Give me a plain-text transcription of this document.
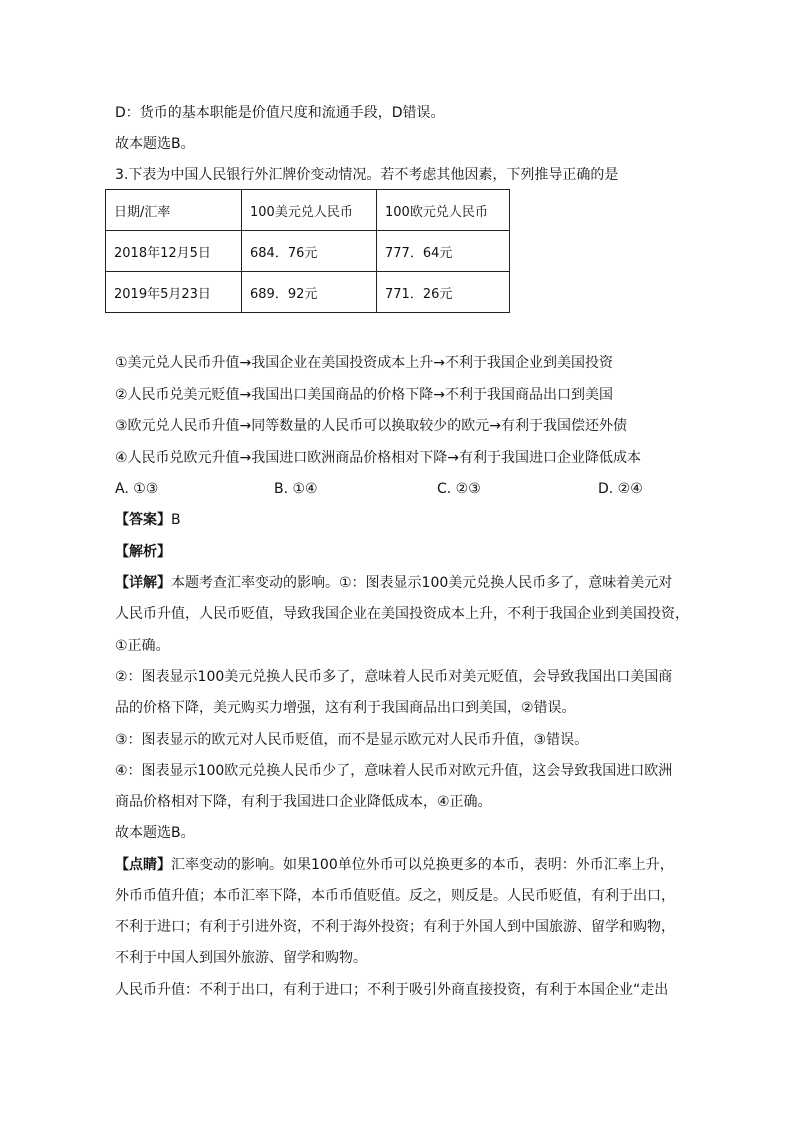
D：货币的基本职能是价值尺度和流通手段，D错误。
故本题选B。
3.下表为中国人民银行外汇牌价变动情况。若不考虑其他因素，下列推导正确的是
日期/汇率	100美元兑人民币	100欧元兑人民币
2018年12月5日	684．76元	777．64元
2019年5月23日	689．92元	771．26元
①美元兑人民币升值→我国企业在美国投资成本上升→不利于我国企业到美国投资
②人民币兑美元贬值→我国出口美国商品的价格下降→不利于我国商品出口到美国
③欧元兑人民币升值→同等数量的人民币可以换取较少的欧元→有利于我国偿还外债
④人民币兑欧元升值→我国进口欧洲商品价格相对下降→有利于我国进口企业降低成本
A. ①③	B. ①④	C. ②③	D. ②④
【答案】B
【解析】
【详解】本题考查汇率变动的影响。①：图表显示100美元兑换人民币多了，意味着美元对
人民币升值，人民币贬值，导致我国企业在美国投资成本上升，不利于我国企业到美国投资，
①正确。
②：图表显示100美元兑换人民币多了，意味着人民币对美元贬值，会导致我国出口美国商
品的价格下降，美元购买力增强，这有利于我国商品出口到美国，②错误。
③：图表显示的欧元对人民币贬值，而不是显示欧元对人民币升值，③错误。
④：图表显示100欧元兑换人民币少了，意味着人民币对欧元升值，这会导致我国进口欧洲
商品价格相对下降，有利于我国进口企业降低成本，④正确。
故本题选B。
【点睛】汇率变动的影响。如果100单位外币可以兑换更多的本币，表明：外币汇率上升，
外币币值升值；本币汇率下降，本币币值贬值。反之，则反是。人民币贬值，有利于出口，
不利于进口；有利于引进外资，不利于海外投资；有利于外国人到中国旅游、留学和购物，
不利于中国人到国外旅游、留学和购物。
人民币升值：不利于出口，有利于进口；不利于吸引外商直接投资，有利于本国企业“走出
